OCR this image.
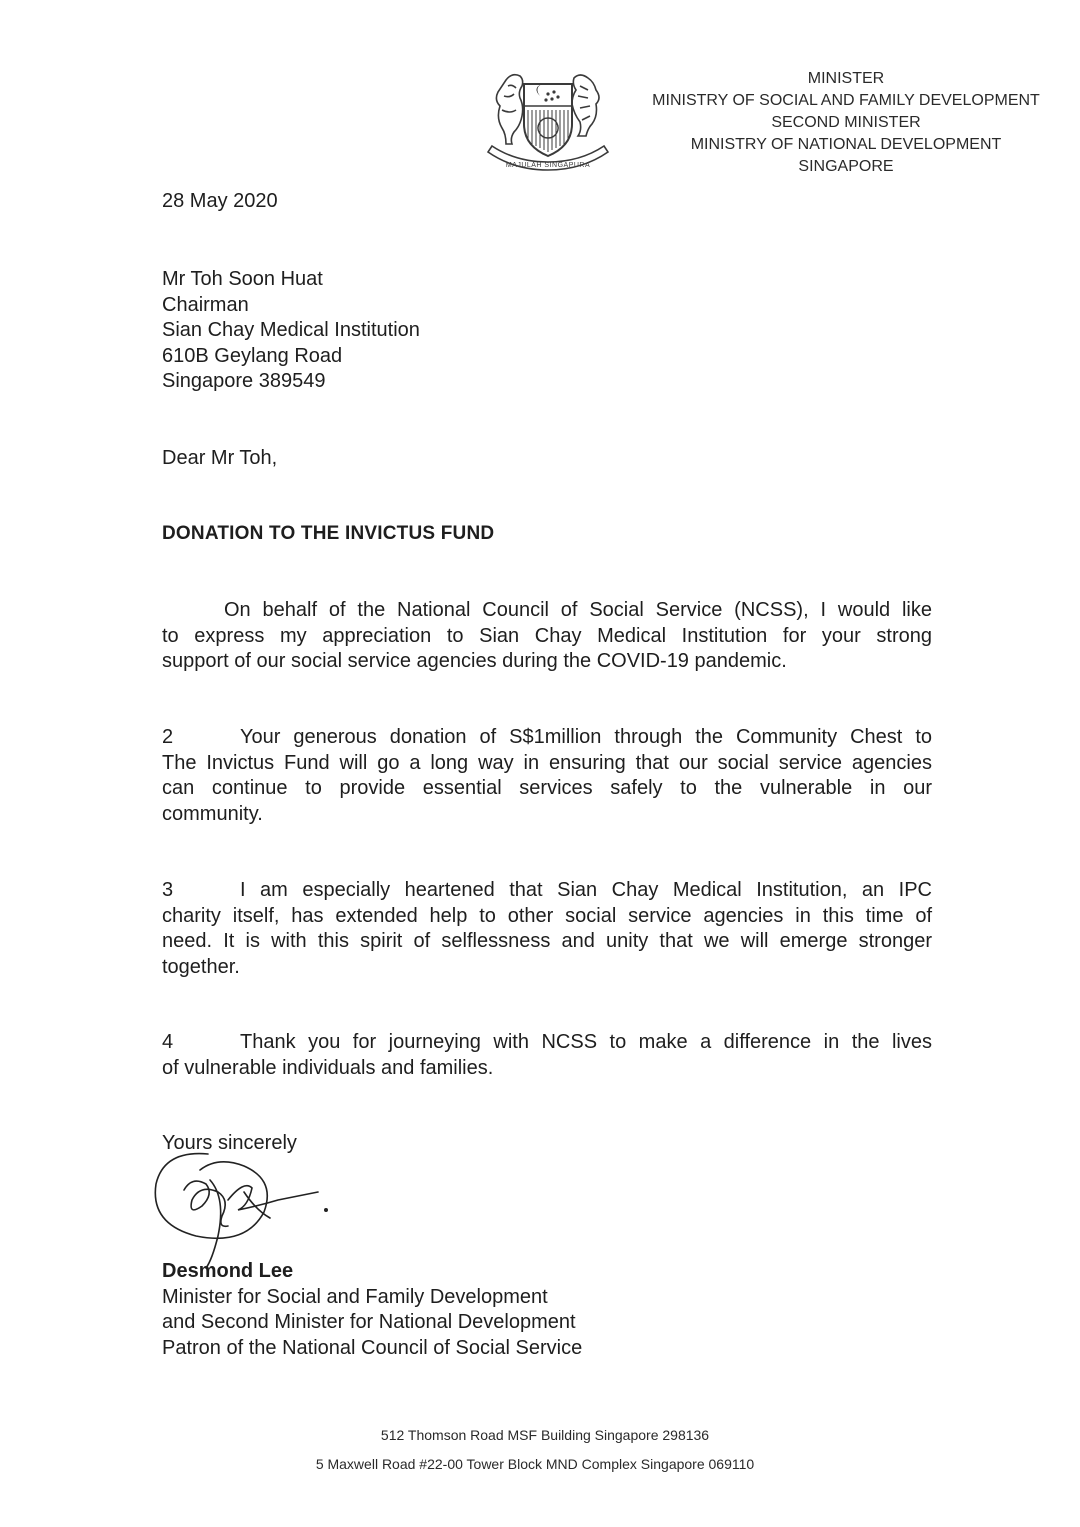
MAJULAH SINGAPURA
MINISTER
MINISTRY OF SOCIAL AND FAMILY DEVELOPMENT
SECOND MINISTER
MINISTRY OF NATIONAL DEVELOPMENT
SINGAPORE
28 May 2020
Mr Toh Soon Huat
Chairman
Sian Chay Medical Institution
610B Geylang Road
Singapore 389549
Dear Mr Toh,
DONATION TO THE INVICTUS FUND
On behalf of the National Council of Social Service (NCSS), I would like
to express my appreciation to Sian Chay Medical Institution for your strong
support of our social service agencies during the COVID-19 pandemic.
2	Your generous donation of S$1million through the Community Chest to
The Invictus Fund will go a long way in ensuring that our social service agencies
can continue to provide essential services safely to the vulnerable in our
community.
3	I am especially heartened that Sian Chay Medical Institution, an IPC
charity itself, has extended help to other social service agencies in this time of
need. It is with this spirit of selflessness and unity that we will emerge stronger
together.
4	Thank you for journeying with NCSS to make a difference in the lives
of vulnerable individuals and families.
Yours sincerely
Desmond Lee
Minister for Social and Family Development
and Second Minister for National Development
Patron of the National Council of Social Service
512 Thomson Road MSF Building Singapore 298136
5 Maxwell Road #22-00 Tower Block MND Complex Singapore 069110
